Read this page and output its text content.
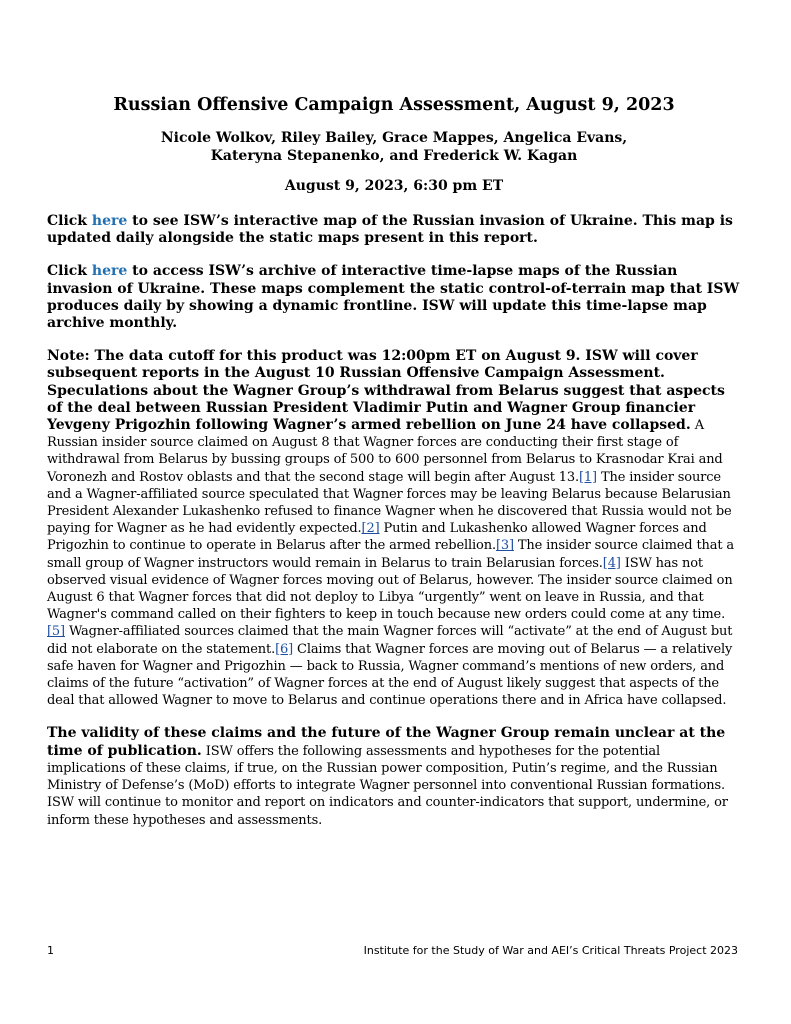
Russian Offensive Campaign Assessment, August 9, 2023
Nicole Wolkov, Riley Bailey, Grace Mappes, Angelica Evans,
Kateryna Stepanenko, and Frederick W. Kagan
August 9, 2023, 6:30 pm ET

Click here to see ISW’s interactive map of the Russian invasion of Ukraine. This map is updated daily alongside the static maps present in this report.

Click here to access ISW’s archive of interactive time-lapse maps of the Russian invasion of Ukraine. These maps complement the static control-of-terrain map that ISW produces daily by showing a dynamic frontline. ISW will update this time-lapse map archive monthly.

Note: The data cutoff for this product was 12:00pm ET on August 9. ISW will cover subsequent reports in the August 10 Russian Offensive Campaign Assessment. Speculations about the Wagner Group’s withdrawal from Belarus suggest that aspects of the deal between Russian President Vladimir Putin and Wagner Group financier Yevgeny Prigozhin following Wagner’s armed rebellion on June 24 have collapsed. A Russian insider source claimed on August 8 that Wagner forces are conducting their first stage of withdrawal from Belarus by bussing groups of 500 to 600 personnel from Belarus to Krasnodar Krai and Voronezh and Rostov oblasts and that the second stage will begin after August 13.[1] The insider source and a Wagner-affiliated source speculated that Wagner forces may be leaving Belarus because Belarusian President Alexander Lukashenko refused to finance Wagner when he discovered that Russia would not be paying for Wagner as he had evidently expected.[2] Putin and Lukashenko allowed Wagner forces and Prigozhin to continue to operate in Belarus after the armed rebellion.[3] The insider source claimed that a small group of Wagner instructors would remain in Belarus to train Belarusian forces.[4] ISW has not observed visual evidence of Wagner forces moving out of Belarus, however. The insider source claimed on August 6 that Wagner forces that did not deploy to Libya “urgently” went on leave in Russia, and that Wagner's command called on their fighters to keep in touch because new orders could come at any time.[5] Wagner-affiliated sources claimed that the main Wagner forces will “activate” at the end of August but did not elaborate on the statement.[6] Claims that Wagner forces are moving out of Belarus — a relatively safe haven for Wagner and Prigozhin — back to Russia, Wagner command’s mentions of new orders, and claims of the future “activation” of Wagner forces at the end of August likely suggest that aspects of the deal that allowed Wagner to move to Belarus and continue operations there and in Africa have collapsed.

The validity of these claims and the future of the Wagner Group remain unclear at the time of publication. ISW offers the following assessments and hypotheses for the potential implications of these claims, if true, on the Russian power composition, Putin’s regime, and the Russian Ministry of Defense’s (MoD) efforts to integrate Wagner personnel into conventional Russian formations. ISW will continue to monitor and report on indicators and counter-indicators that support, undermine, or inform these hypotheses and assessments.

1	Institute for the Study of War and AEI’s Critical Threats Project 2023
